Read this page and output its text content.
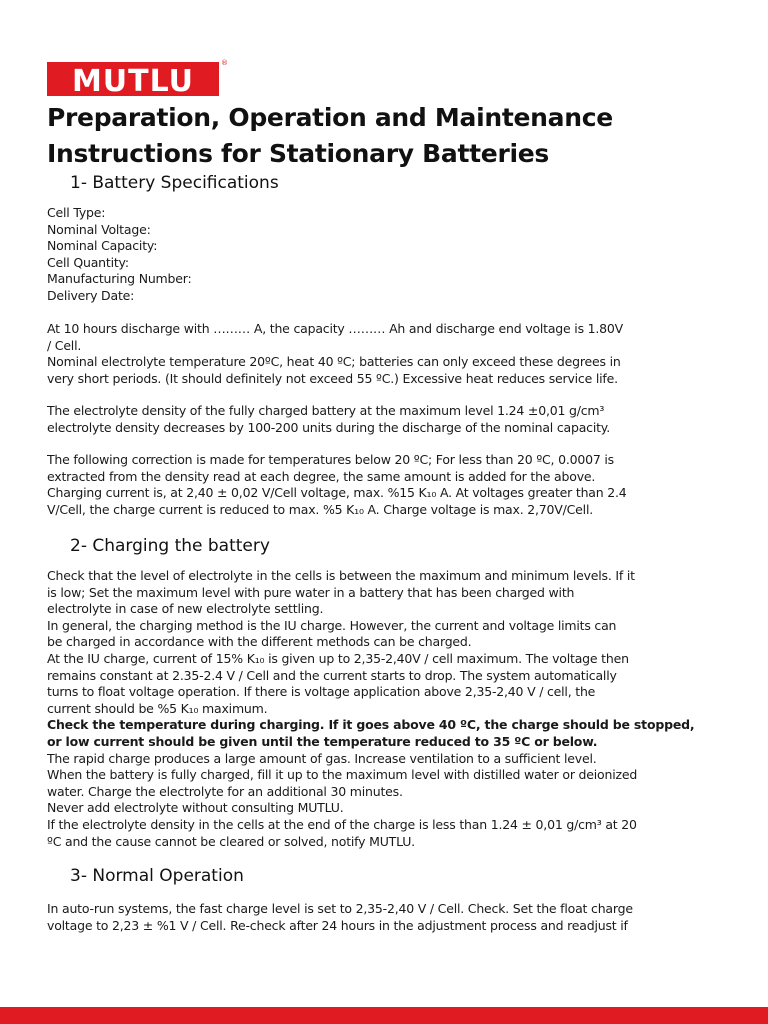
MUTLU
®
Preparation, Operation and Maintenance
Instructions for Stationary Batteries
1- Battery Specifications
Cell Type:
Nominal Voltage:
Nominal Capacity:
Cell Quantity:
Manufacturing Number:
Delivery Date:
At 10 hours discharge with ……… A, the capacity ……… Ah and discharge end voltage is 1.80V
/ Cell.
Nominal electrolyte temperature 20ºC, heat 40 ºC; batteries can only exceed these degrees in
very short periods. (It should definitely not exceed 55 ºC.) Excessive heat reduces service life.
The electrolyte density of the fully charged battery at the maximum level 1.24 ±0,01 g/cm³
electrolyte density decreases by 100-200 units during the discharge of the nominal capacity.
The following correction is made for temperatures below 20 ºC; For less than 20 ºC, 0.0007 is
extracted from the density read at each degree, the same amount is added for the above.
Charging current is, at 2,40 ± 0,02 V/Cell voltage, max. %15 K₁₀ A. At voltages greater than 2.4
V/Cell, the charge current is reduced to max. %5 K₁₀ A. Charge voltage is max. 2,70V/Cell.
2- Charging the battery
Check that the level of electrolyte in the cells is between the maximum and minimum levels. If it
is low; Set the maximum level with pure water in a battery that has been charged with
electrolyte in case of new electrolyte settling.
In general, the charging method is the IU charge. However, the current and voltage limits can
be charged in accordance with the different methods can be charged.
At the IU charge, current of 15% K₁₀ is given up to 2,35-2,40V / cell maximum. The voltage then
remains constant at 2.35-2.4 V / Cell and the current starts to drop. The system automatically
turns to float voltage operation. If there is voltage application above 2,35-2,40 V / cell, the
current should be %5 K₁₀ maximum.
Check the temperature during charging. If it goes above 40 ºC, the charge should be stopped,
or low current should be given until the temperature reduced to 35 ºC or below.
The rapid charge produces a large amount of gas. Increase ventilation to a sufficient level.
When the battery is fully charged, fill it up to the maximum level with distilled water or deionized
water. Charge the electrolyte for an additional 30 minutes.
Never add electrolyte without consulting MUTLU.
If the electrolyte density in the cells at the end of the charge is less than 1.24 ± 0,01 g/cm³ at 20
ºC and the cause cannot be cleared or solved, notify MUTLU.
3- Normal Operation
In auto-run systems, the fast charge level is set to 2,35-2,40 V / Cell. Check. Set the float charge
voltage to 2,23 ± %1 V / Cell. Re-check after 24 hours in the adjustment process and readjust if
